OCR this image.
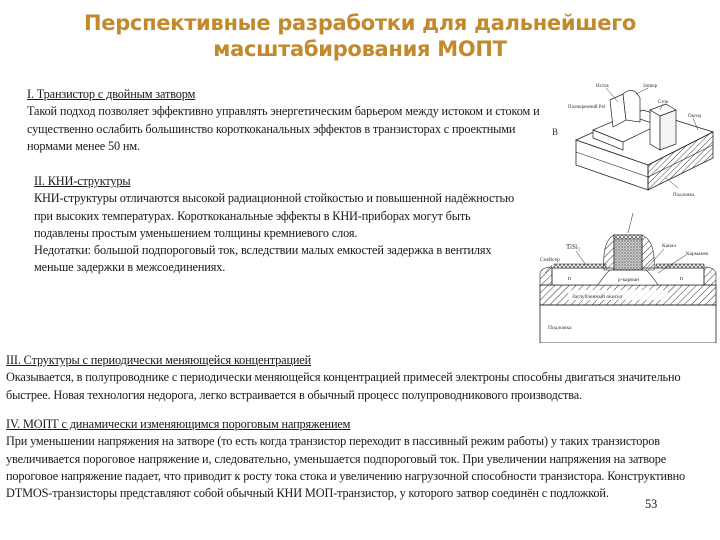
Перспективные разработки для дальнейшего
масштабирования МОПТ
I. Транзистор с двойным затворм

Такой подход позволяет эффективно управлять энергетическим барьером между истоком и стоком и существенно ослабить большинство короткоканальных эффектов в транзисторах с проектными нормами менее 50 нм.

II. КНИ-структуры

КНИ-структуры отличаются высокой радиационной стойкостью и повышенной надёжностью при высоких температурах. Короткоканальные эффекты в КНИ-приборах могут быть подавлены простым уменьшением толщины кремниевого слоя.

Недотатки: большой подпороговый ток, вследствии малых емкостей задержка в вентилях меньше задержки в межсоединениях.

III. Структуры с периодически меняющейся концентрацией

Оказывается, в полупроводнике с периодически меняющейся концентрацией примесей электроны способны двигаться значительно быстрее. Новая технология недорога, легко встраивается в обычный процесс полупроводникового производства.

IV. МОПТ с динамически изменяющимся пороговым напряжением

При уменьшении напряжения на затворе (то есть когда транзистор переходит в пассивный режим работы) у таких транзисторов увеличивается пороговое напряжение и, следовательно, уменьшается подпороговый ток. При увеличении напряжения на затворе пороговое напряжение падает, что приводит к росту тока стока и увеличению нагрузочной способности транзистора. Конструктивно DTMOS-транзисторы представляют собой обычный КНИ МОП-транзистор, у которого затвор соединён с подложкой.

53
В
Исток	Затвор
Сток
Оксид
Подложка
Поликремний Рel
TiSi₂
Спейсер
Канал
Карманек
n	n
p-карман
Заглубленный окисел
Подложка
